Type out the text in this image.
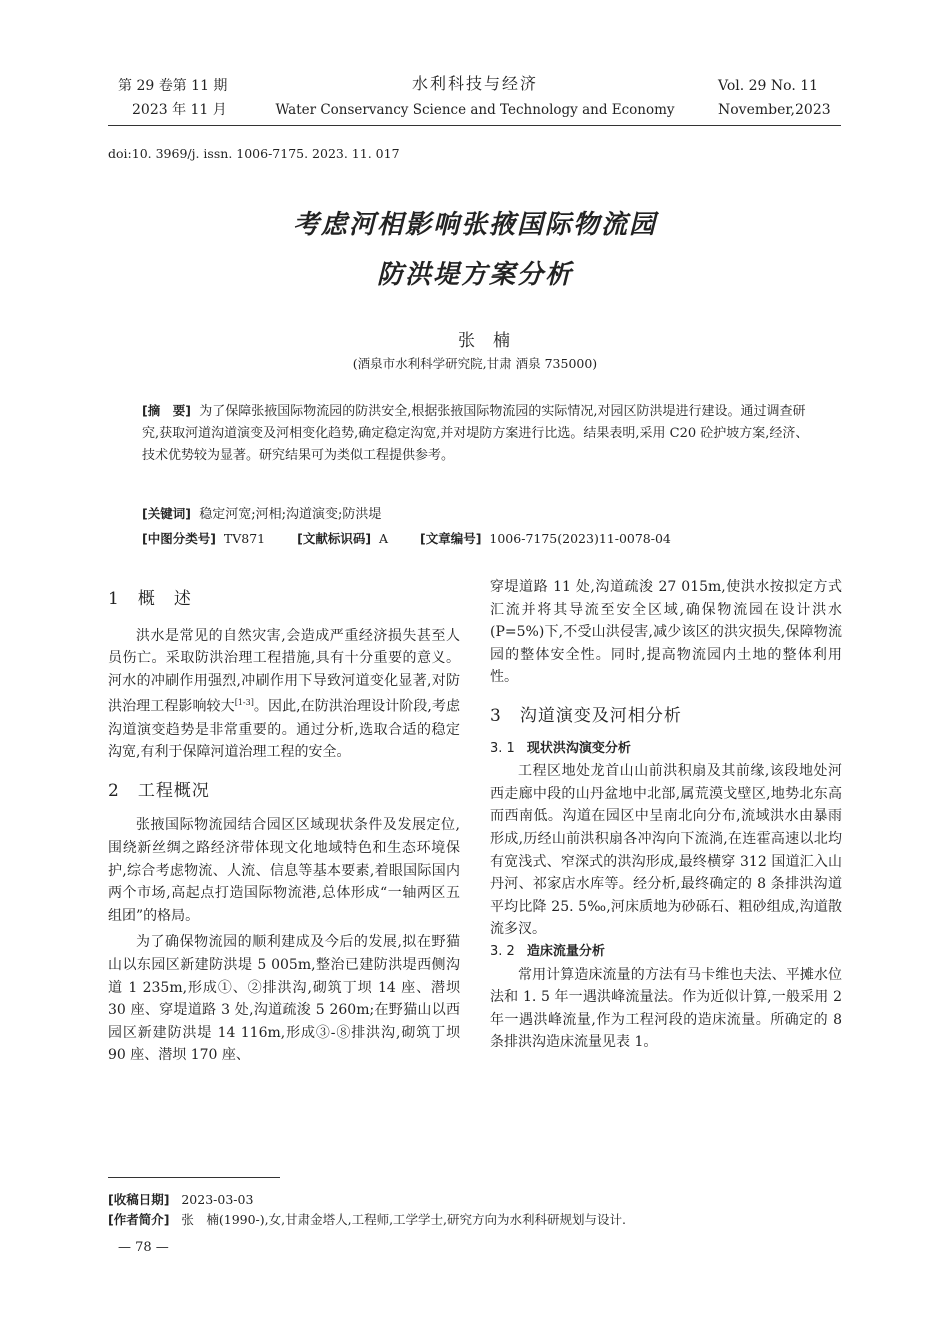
第 29 卷第 11 期
2023 年 11 月
水利科技与经济
Water Conservancy Science and Technology and Economy
Vol. 29 No. 11
November,2023
doi:10. 3969/j. issn. 1006-7175. 2023. 11. 017
考虑河相影响张掖国际物流园
防洪堤方案分析
张楠
(酒泉市水利科学研究院,甘肃 酒泉 735000)
[摘　要] 为了保障张掖国际物流园的防洪安全,根据张掖国际物流园的实际情况,对园区防洪堤进行建设。通过调查研究,获取河道沟道演变及河相变化趋势,确定稳定沟宽,并对堤防方案进行比选。结果表明,采用 C20 砼护坡方案,经济、技术优势较为显著。研究结果可为类似工程提供参考。
[关键词] 稳定河宽;河相;沟道演变;防洪堤
[中图分类号] TV871	[文献标识码] A	[文章编号] 1006-7175(2023)11-0078-04
1　概　述

洪水是常见的自然灾害,会造成严重经济损失甚至人员伤亡。采取防洪治理工程措施,具有十分重要的意义。河水的冲刷作用强烈,冲刷作用下导致河道变化显著,对防洪治理工程影响较大[1-3]。因此,在防洪治理设计阶段,考虑沟道演变趋势是非常重要的。通过分析,选取合适的稳定沟宽,有利于保障河道治理工程的安全。

2　工程概况

张掖国际物流园结合园区区域现状条件及发展定位,围绕新丝绸之路经济带体现文化地域特色和生态环境保护,综合考虑物流、人流、信息等基本要素,着眼国际国内两个市场,高起点打造国际物流港,总体形成“一轴两区五组团”的格局。

为了确保物流园的顺利建成及今后的发展,拟在野猫山以东园区新建防洪堤 5 005m,整治已建防洪堤西侧沟道 1 235m,形成①、②排洪沟,砌筑丁坝 14 座、潜坝 30 座、穿堤道路 3 处,沟道疏浚 5 260m;在野猫山以西园区新建防洪堤 14 116m,形成③-⑧排洪沟,砌筑丁坝 90 座、潜坝 170 座、

穿堤道路 11 处,沟道疏浚 27 015m,使洪水按拟定方式汇流并将其导流至安全区域,确保物流园在设计洪水(P=5%)下,不受山洪侵害,减少该区的洪灾损失,保障物流园的整体安全性。同时,提高物流园内土地的整体利用性。

3　沟道演变及河相分析
3. 1 现状洪沟演变分析

工程区地处龙首山山前洪积扇及其前缘,该段地处河西走廊中段的山丹盆地中北部,属荒漠戈壁区,地势北东高而西南低。沟道在园区中呈南北向分布,流域洪水由暴雨形成,历经山前洪积扇各冲沟向下流淌,在连霍高速以北均有宽浅式、窄深式的洪沟形成,最终横穿 312 国道汇入山丹河、祁家店水库等。经分析,最终确定的 8 条排洪沟道平均比降 25. 5‰,河床质地为砂砾石、粗砂组成,沟道散流多汊。

3. 2 造床流量分析

常用计算造床流量的方法有马卡维也夫法、平摊水位法和 1. 5 年一遇洪峰流量法。作为近似计算,一般采用 2 年一遇洪峰流量,作为工程河段的造床流量。所确定的 8 条排洪沟造床流量见表 1。

[收稿日期] 2023-03-03
[作者简介] 张　楠(1990-),女,甘肃金塔人,工程师,工学学士,研究方向为水利科研规划与设计.
— 78 —
